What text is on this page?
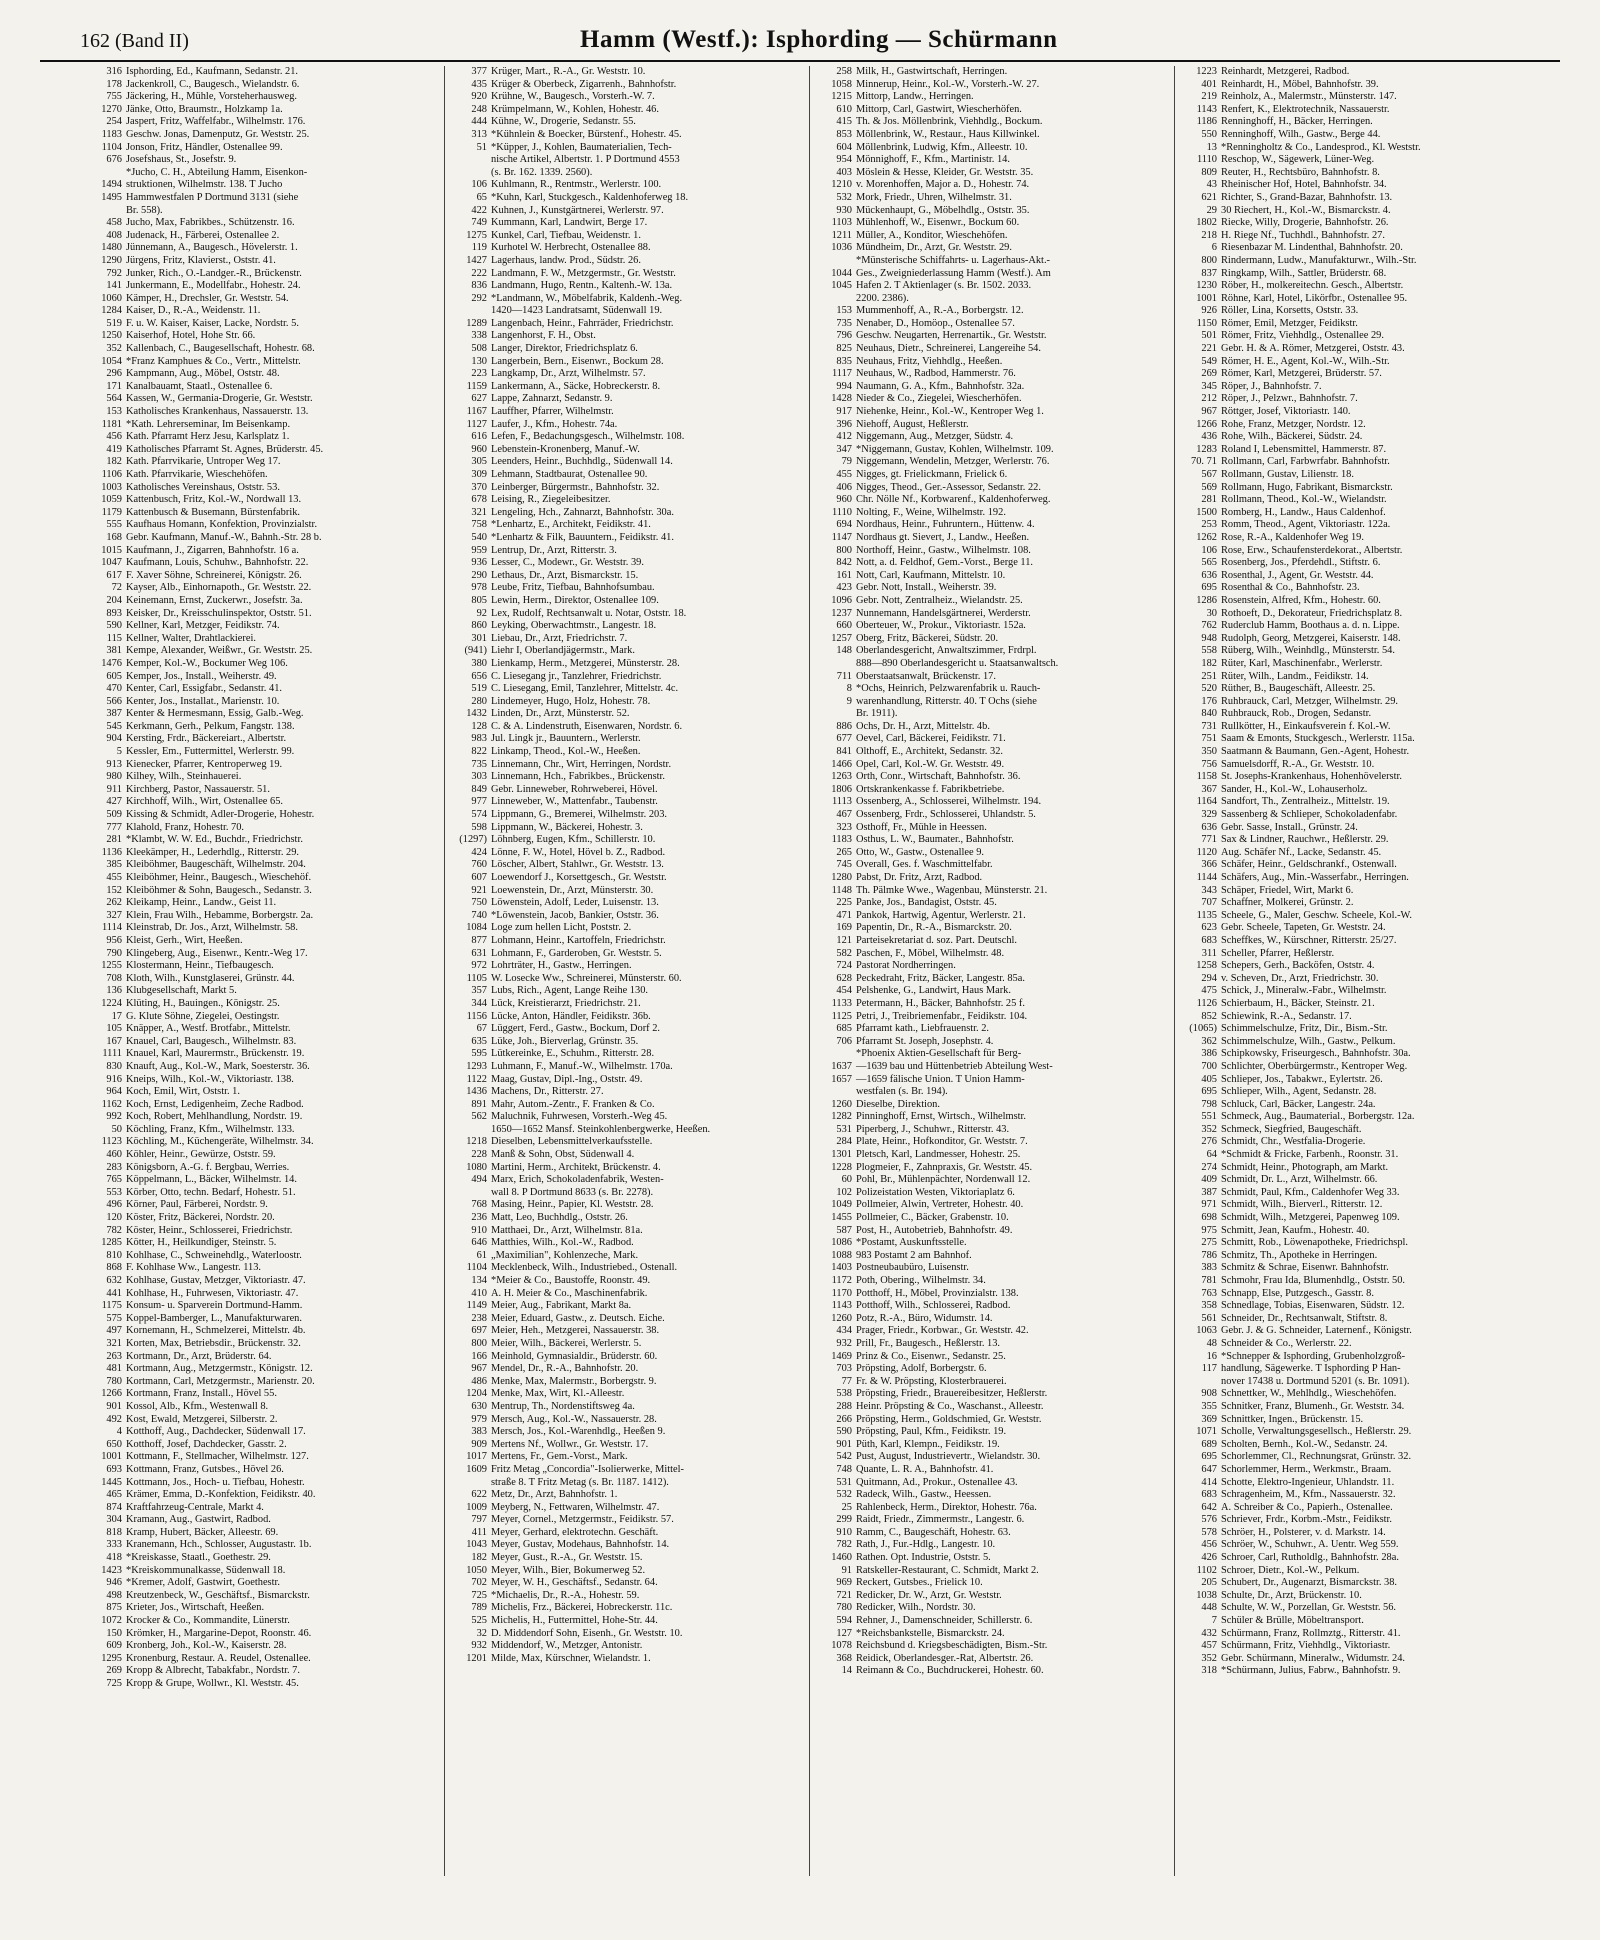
162 (Band II)	Hamm (Westf.): Isphording — Schürmann
316 Isphording, Ed., Kaufmann, Sedanstr. 21.
178 Jackenkroll, C., Baugesch., Wielandstr. 6.
755 Jäckering, H., Mühle, Vorsteherhausweg.
1270 Jänke, Otto, Braumstr., Holzkamp 1a.
254 Jaspert, Fritz, Waffelfabr., Wilhelmstr. 176.
1183 Geschw. Jonas, Damenputz, Gr. Weststr. 25.
1104 Jonson, Fritz, Händler, Ostenallee 99.
676 Josefshaus, St., Josefstr. 9.
*Jucho, C. H., Abteilung Hamm, Eisenkon-
1494 struktionen, Wilhelmstr. 138. T Jucho
1495 Hammwestfalen P Dortmund 3131 (siehe
Br. 558).
458 Jucho, Max, Fabrikbes., Schützenstr. 16.
408 Judenack, H., Färberei, Ostenallee 2.
1480 Jünnemann, A., Baugesch., Hövelerstr. 1.
1290 Jürgens, Fritz, Klavierst., Oststr. 41.
792 Junker, Rich., O.-Landger.-R., Brückenstr.
141 Junkermann, E., Modellfabr., Hohestr. 24.
1060 Kämper, H., Drechsler, Gr. Weststr. 54.
1284 Kaiser, D., R.-A., Weidenstr. 11.
519 F. u. W. Kaiser, Kaiser, Lacke, Nordstr. 5.
1250 Kaiserhof, Hotel, Hohe Str. 66.
352 Kallenbach, C., Baugesellschaft, Hohestr. 68.
1054 *Franz Kamphues & Co., Vertr., Mittelstr.
296 Kampmann, Aug., Möbel, Oststr. 48.
171 Kanalbauamt, Staatl., Ostenallee 6.
564 Kassen, W., Germania-Drogerie, Gr. Weststr.
153 Katholisches Krankenhaus, Nassauerstr. 13.
1181 *Kath. Lehrerseminar, Im Beisenkamp.
456 Kath. Pfarramt Herz Jesu, Karlsplatz 1.
419 Katholisches Pfarramt St. Agnes, Brüderstr. 45.
182 Kath. Pfarrvikarie, Untroper Weg 17.
1106 Kath. Pfarrvikarie, Wieschehöfen.
1003 Katholisches Vereinshaus, Oststr. 53.
1059 Kattenbusch, Fritz, Kol.-W., Nordwall 13.
1179 Kattenbusch & Busemann, Bürstenfabrik.
555 Kaufhaus Homann, Konfektion, Provinzialstr.
168 Gebr. Kaufmann, Manuf.-W., Bahnh.-Str. 28 b.
1015 Kaufmann, J., Zigarren, Bahnhofstr. 16 a.
1047 Kaufmann, Louis, Schuhw., Bahnhofstr. 22.
617 F. Xaver Söhne, Schreinerei, Königstr. 26.
72 Kayser, Alb., Einhornapoth., Gr. Weststr. 22.
204 Keinemann, Ernst, Zuckerwr., Josefstr. 3a.
893 Keisker, Dr., Kreisschulinspektor, Oststr. 51.
590 Kellner, Karl, Metzger, Feidikstr. 74.
115 Kellner, Walter, Drahtlackierei.
381 Kempe, Alexander, Weißwr., Gr. Weststr. 25.
1476 Kemper, Kol.-W., Bockumer Weg 106.
605 Kemper, Jos., Install., Weiherstr. 49.
470 Kenter, Carl, Essigfabr., Sedanstr. 41.
566 Kenter, Jos., Installat., Marienstr. 10.
387 Kenter & Hermesmann, Essig, Galb.-Weg.
545 Kerkmann, Gerh., Pelkum, Fangstr. 138.
904 Kersting, Frdr., Bäckereiart., Albertstr.
5 Kessler, Em., Futtermittel, Werlerstr. 99.
913 Kienecker, Pfarrer, Kentroperweg 19.
980 Kilhey, Wilh., Steinhauerei.
911 Kirchberg, Pastor, Nassauerstr. 51.
427 Kirchhoff, Wilh., Wirt, Ostenallee 65.
509 Kissing & Schmidt, Adler-Drogerie, Hohestr.
777 Klahold, Franz, Hohestr. 70.
281 *Klambt, W. W. Ed., Buchdr., Friedrichstr.
1136 Kleekämper, H., Lederhdlg., Ritterstr. 29.
385 Kleiböhmer, Baugeschäft, Wilhelmstr. 204.
455 Kleiböhmer, Heinr., Baugesch., Wieschehöf.
152 Kleiböhmer & Sohn, Baugesch., Sedanstr. 3.
262 Kleikamp, Heinr., Landw., Geist 11.
327 Klein, Frau Wilh., Hebamme, Borbergstr. 2a.
1114 Kleinstrab, Dr. Jos., Arzt, Wilhelmstr. 58.
956 Kleist, Gerh., Wirt, Heeßen.
790 Klingeberg, Aug., Eisenwr., Kentr.-Weg 17.
1255 Klostermann, Heinr., Tiefbaugesch.
708 Kloth, Wilh., Kunstglaserei, Grünstr. 44.
136 Klubgesellschaft, Markt 5.
1224 Klüting, H., Bauingen., Königstr. 25.
17 G. Klute Söhne, Ziegelei, Oestingstr.
105 Knäpper, A., Westf. Brotfabr., Mittelstr.
167 Knauel, Carl, Baugesch., Wilhelmstr. 83.
1111 Knauel, Karl, Maurermstr., Brückenstr. 19.
830 Knauft, Aug., Kol.-W., Mark, Soesterstr. 36.
916 Kneips, Wilh., Kol.-W., Viktoriastr. 138.
964 Koch, Emil, Wirt, Oststr. 1.
1162 Koch, Ernst, Ledigenheim, Zeche Radbod.
992 Koch, Robert, Mehlhandlung, Nordstr. 19.
50 Köchling, Franz, Kfm., Wilhelmstr. 133.
1123 Köchling, M., Küchengeräte, Wilhelmstr. 34.
460 Köhler, Heinr., Gewürze, Oststr. 59.
283 Königsborn, A.-G. f. Bergbau, Werries.
765 Köppelmann, L., Bäcker, Wilhelmstr. 14.
553 Körber, Otto, techn. Bedarf, Hohestr. 51.
496 Körner, Paul, Färberei, Nordstr. 9.
120 Köster, Fritz, Bäckerei, Nordstr. 20.
782 Köster, Heinr., Schlosserei, Friedrichstr.
1285 Kötter, H., Heilkundiger, Steinstr. 5.
810 Kohlhase, C., Schweinehdlg., Waterloostr.
868 F. Kohlhase Ww., Langestr. 113.
632 Kohlhase, Gustav, Metzger, Viktoriastr. 47.
441 Kohlhase, H., Fuhrwesen, Viktoriastr. 47.
1175 Konsum- u. Sparverein Dortmund-Hamm.
575 Koppel-Bamberger, L., Manufakturwaren.
497 Kornemann, H., Schmelzerei, Mittelstr. 4b.
321 Korten, Max, Betriebsdir., Brückenstr. 32.
263 Kortmann, Dr., Arzt, Brüderstr. 64.
481 Kortmann, Aug., Metzgermstr., Königstr. 12.
780 Kortmann, Carl, Metzgermstr., Marienstr. 20.
1266 Kortmann, Franz, Install., Hövel 55.
901 Kossol, Alb., Kfm., Westenwall 8.
492 Kost, Ewald, Metzgerei, Silberstr. 2.
4 Kotthoff, Aug., Dachdecker, Südenwall 17.
650 Kotthoff, Josef, Dachdecker, Gasstr. 2.
1001 Kottmann, F., Stellmacher, Wilhelmstr. 127.
693 Kottmann, Franz, Gutsbes., Hövel 26.
1445 Kottmann, Jos., Hoch- u. Tiefbau, Hohestr.
465 Krämer, Emma, D.-Konfektion, Feidikstr. 40.
874 Kraftfahrzeug-Centrale, Markt 4.
304 Kramann, Aug., Gastwirt, Radbod.
818 Kramp, Hubert, Bäcker, Alleestr. 69.
333 Kranemann, Hch., Schlosser, Augustastr. 1b.
418 *Kreiskasse, Staatl., Goethestr. 29.
1423 *Kreiskommunalkasse, Südenwall 18.
946 *Kremer, Adolf, Gastwirt, Goethestr.
498 Kreutzenbeck, W., Geschäftsf., Bismarckstr.
875 Krieter, Jos., Wirtschaft, Heeßen.
1072 Krocker & Co., Kommandite, Lünerstr.
150 Krömker, H., Margarine-Depot, Roonstr. 46.
609 Kronberg, Joh., Kol.-W., Kaiserstr. 28.
1295 Kronenburg, Restaur. A. Reudel, Ostenallee.
269 Kropp & Albrecht, Tabakfabr., Nordstr. 7.
725 Kropp & Grupe, Wollwr., Kl. Weststr. 45.
377 Krüger, Mart., R.-A., Gr. Weststr. 10.
435 Krüger & Oberbeck, Zigarrenh., Bahnhofstr.
920 Krühne, W., Baugesch., Vorsterh.-W. 7.
248 Krümpelmann, W., Kohlen, Hohestr. 46.
444 Kühne, W., Drogerie, Sedanstr. 55.
313 *Kühnlein & Boecker, Bürstenf., Hohestr. 45.
51 *Küpper, J., Kohlen, Baumaterialien, Tech-
nische Artikel, Albertstr. 1. P Dortmund 4553
(s. Br. 162. 1339. 2560).
106 Kuhlmann, R., Rentmstr., Werlerstr. 100.
65 *Kuhn, Karl, Stuckgesch., Kaldenhoferweg 18.
422 Kuhnen, J., Kunstgärtnerei, Werlerstr. 97.
749 Kummann, Karl, Landwirt, Berge 17.
1275 Kunkel, Carl, Tiefbau, Weidenstr. 1.
119 Kurhotel W. Herbrecht, Ostenallee 88.
1427 Lagerhaus, landw. Prod., Südstr. 26.
222 Landmann, F. W., Metzgermstr., Gr. Weststr.
836 Landmann, Hugo, Rentn., Kaltenh.-W. 13a.
292 *Landmann, W., Möbelfabrik, Kaldenh.-Weg.
1420—1423 Landratsamt, Südenwall 19.
1289 Langenbach, Heinr., Fahrräder, Friedrichstr.
338 Langenhorst, F. H., Obst.
508 Langer, Direktor, Friedrichsplatz 6.
130 Langerbein, Bern., Eisenwr., Bockum 28.
223 Langkamp, Dr., Arzt, Wilhelmstr. 57.
1159 Lankermann, A., Säcke, Hobreckerstr. 8.
627 Lappe, Zahnarzt, Sedanstr. 9.
1167 Lauffher, Pfarrer, Wilhelmstr.
1127 Laufer, J., Kfm., Hohestr. 74a.
616 Lefen, F., Bedachungsgesch., Wilhelmstr. 108.
960 Lebenstein-Kronenberg, Manuf.-W.
305 Leenders, Heinr., Buchhdlg., Südenwall 14.
309 Lehmann, Stadtbaurat, Ostenallee 90.
370 Leinberger, Bürgermstr., Bahnhofstr. 32.
678 Leising, R., Ziegeleibesitzer.
321 Lengeling, Hch., Zahnarzt, Bahnhofstr. 30a.
758 *Lenhartz, E., Architekt, Feidikstr. 41.
540 *Lenhartz & Filk, Bauuntern., Feidikstr. 41.
959 Lentrup, Dr., Arzt, Ritterstr. 3.
936 Lesser, C., Modewr., Gr. Weststr. 39.
290 Lethaus, Dr., Arzt, Bismarckstr. 15.
978 Leube, Fritz, Tiefbau, Bahnhofsumbau.
805 Lewin, Herm., Direktor, Ostenallee 109.
92 Lex, Rudolf, Rechtsanwalt u. Notar, Oststr. 18.
860 Leyking, Oberwachtmstr., Langestr. 18.
301 Liebau, Dr., Arzt, Friedrichstr. 7.
(941) Liehr I, Oberlandjägermstr., Mark.
380 Lienkamp, Herm., Metzgerei, Münsterstr. 28.
656 C. Liesegang jr., Tanzlehrer, Friedrichstr.
519 C. Liesegang, Emil, Tanzlehrer, Mittelstr. 4c.
280 Lindemeyer, Hugo, Holz, Hohestr. 78.
1432 Linden, Dr., Arzt, Münsterstr. 52.
128 C. & A. Lindenstruth, Eisenwaren, Nordstr. 6.
983 Jul. Lingk jr., Bauuntern., Werlerstr.
822 Linkamp, Theod., Kol.-W., Heeßen.
735 Linnemann, Chr., Wirt, Herringen, Nordstr.
303 Linnemann, Hch., Fabrikbes., Brückenstr.
849 Gebr. Linneweber, Rohrweberei, Hövel.
977 Linneweber, W., Mattenfabr., Taubenstr.
574 Lippmann, G., Bremerei, Wilhelmstr. 203.
598 Lippmann, W., Bäckerei, Hohestr. 3.
(1297) Löhnberg, Eugen, Kfm., Schillerstr. 10.
424 Lönne, F. W., Hotel, Hövel b. Z., Radbod.
760 Löscher, Albert, Stahlwr., Gr. Weststr. 13.
607 Loewendorf J., Korsettgesch., Gr. Weststr.
921 Loewenstein, Dr., Arzt, Münsterstr. 30.
750 Löwenstein, Adolf, Leder, Luisenstr. 13.
740 *Löwenstein, Jacob, Bankier, Oststr. 36.
1084 Loge zum hellen Licht, Poststr. 2.
877 Lohmann, Heinr., Kartoffeln, Friedrichstr.
631 Lohmann, F., Garderoben, Gr. Weststr. 5.
972 Lohrträter, H., Gastw., Herringen.
1105 W. Losecke Ww., Schreinerei, Münsterstr. 60.
357 Lubs, Rich., Agent, Lange Reihe 130.
344 Lück, Kreistierarzt, Friedrichstr. 21.
1156 Lücke, Anton, Händler, Feidikstr. 36b.
67 Lüggert, Ferd., Gastw., Bockum, Dorf 2.
635 Lüke, Joh., Bierverlag, Grünstr. 35.
595 Lütkereinke, E., Schuhm., Ritterstr. 28.
1293 Luhmann, F., Manuf.-W., Wilhelmstr. 170a.
1122 Maag, Gustav, Dipl.-Ing., Oststr. 49.
1436 Machens, Dr., Ritterstr. 27.
891 Mahr, Autom.-Zentr., F. Franken & Co.
562 Maluchnik, Fuhrwesen, Vorsterh.-Weg 45.
1650—1652 Mansf. Steinkohlenbergwerke, Heeßen.
1218 Dieselben, Lebensmittelverkaufsstelle.
228 Manß & Sohn, Obst, Südenwall 4.
1080 Martini, Herm., Architekt, Brückenstr. 4.
494 Marx, Erich, Schokoladenfabrik, Westen-
wall 8. P Dortmund 8633 (s. Br. 2278).
768 Masing, Heinr., Papier, Kl. Weststr. 28.
236 Matt, Leo, Buchhdlg., Oststr. 26.
910 Matthaei, Dr., Arzt, Wilhelmstr. 81a.
646 Matthies, Wilh., Kol.-W., Radbod.
61 „Maximilian", Kohlenzeche, Mark.
1104 Mecklenbeck, Wilh., Industriebed., Ostenall.
134 *Meier & Co., Baustoffe, Roonstr. 49.
410 A. H. Meier & Co., Maschinenfabrik.
1149 Meier, Aug., Fabrikant, Markt 8a.
238 Meier, Eduard, Gastw., z. Deutsch. Eiche.
697 Meier, Heh., Metzgerei, Nassauerstr. 38.
800 Meier, Wilh., Bäckerei, Werlerstr. 5.
166 Meinhold, Gymnasialdir., Brüderstr. 60.
967 Mendel, Dr., R.-A., Bahnhofstr. 20.
486 Menke, Max, Malermstr., Borbergstr. 9.
1204 Menke, Max, Wirt, Kl.-Alleestr.
630 Mentrup, Th., Nordenstiftsweg 4a.
979 Mersch, Aug., Kol.-W., Nassauerstr. 28.
383 Mersch, Jos., Kol.-Warenhdlg., Heeßen 9.
909 Mertens Nf., Wollwr., Gr. Weststr. 17.
1017 Mertens, Fr., Gem.-Vorst., Mark.
1609 Fritz Metag „Concordia"-Isolierwerke, Mittel-
straße 8. T Fritz Metag (s. Br. 1187. 1412).
622 Metz, Dr., Arzt, Bahnhofstr. 1.
1009 Meyberg, N., Fettwaren, Wilhelmstr. 47.
797 Meyer, Cornel., Metzgermstr., Feidikstr. 57.
411 Meyer, Gerhard, elektrotechn. Geschäft.
1043 Meyer, Gustav, Modehaus, Bahnhofstr. 14.
182 Meyer, Gust., R.-A., Gr. Weststr. 15.
1050 Meyer, Wilh., Bier, Bokumerweg 52.
702 Meyer, W. H., Geschäftsf., Sedanstr. 64.
725 *Michaelis, Dr., R.-A., Hohestr. 59.
789 Michelis, Frz., Bäckerei, Hobreckerstr. 11c.
525 Michelis, H., Futtermittel, Hohe-Str. 44.
32 D. Middendorf Sohn, Eisenh., Gr. Weststr. 10.
932 Middendorf, W., Metzger, Antonistr.
1201 Milde, Max, Kürschner, Wielandstr. 1.
258 Milk, H., Gastwirtschaft, Herringen.
1058 Minnerup, Heinr., Kol.-W., Vorsterh.-W. 27.
1215 Mittorp, Landw., Herringen.
610 Mittorp, Carl, Gastwirt, Wiescherhöfen.
415 Th. & Jos. Möllenbrink, Viehhdlg., Bockum.
853 Möllenbrink, W., Restaur., Haus Killwinkel.
604 Möllenbrink, Ludwig, Kfm., Alleestr. 10.
954 Mönnighoff, F., Kfm., Martinistr. 14.
403 Möslein & Hesse, Kleider, Gr. Weststr. 35.
1210 v. Morenhoffen, Major a. D., Hohestr. 74.
532 Mork, Friedr., Uhren, Wilhelmstr. 31.
930 Mückenhaupt, G., Möbelhdlg., Oststr. 35.
1103 Mühlenhoff, W., Eisenwr., Bockum 60.
1211 Müller, A., Konditor, Wieschehöfen.
1036 Mündheim, Dr., Arzt, Gr. Weststr. 29.
*Münsterische Schiffahrts- u. Lagerhaus-Akt.-
1044 Ges., Zweigniederlassung Hamm (Westf.). Am
1045 Hafen 2. T Aktienlager (s. Br. 1502. 2033.
2200. 2386).
153 Mummenhoff, A., R.-A., Borbergstr. 12.
735 Nenaber, D., Homöop., Ostenallee 57.
796 Geschw. Neugarten, Herrenartik., Gr. Weststr.
825 Neuhaus, Dietr., Schreinerei, Langereihe 54.
835 Neuhaus, Fritz, Viehhdlg., Heeßen.
1117 Neuhaus, W., Radbod, Hammerstr. 76.
994 Naumann, G. A., Kfm., Bahnhofstr. 32a.
1428 Nieder & Co., Ziegelei, Wiescherhöfen.
917 Niehenke, Heinr., Kol.-W., Kentroper Weg 1.
396 Niehoff, August, Heßlerstr.
412 Niggemann, Aug., Metzger, Südstr. 4.
347 *Niggemann, Gustav, Kohlen, Wilhelmstr. 109.
79 Niggemann, Wendelin, Metzger, Werlerstr. 76.
455 Nigges, gt. Frielickmann, Frielick 6.
406 Nigges, Theod., Ger.-Assessor, Sedanstr. 22.
960 Chr. Nölle Nf., Korbwarenf., Kaldenhoferweg.
1110 Nolting, F., Weine, Wilhelmstr. 192.
694 Nordhaus, Heinr., Fuhruntern., Hüttenw. 4.
1147 Nordhaus gt. Sievert, J., Landw., Heeßen.
800 Northoff, Heinr., Gastw., Wilhelmstr. 108.
842 Nott, a. d. Feldhof, Gem.-Vorst., Berge 11.
161 Nott, Carl, Kaufmann, Mittelstr. 10.
423 Gebr. Nott, Install., Weiherstr. 39.
1096 Gebr. Nott, Zentralheiz., Wielandstr. 25.
1237 Nunnemann, Handelsgärtnerei, Werderstr.
660 Oberteuer, W., Prokur., Viktoriastr. 152a.
1257 Oberg, Fritz, Bäckerei, Südstr. 20.
148 Oberlandesgericht, Anwaltszimmer, Frdrpl.
888—890 Oberlandesgericht u. Staatsanwaltsch.
711 Oberstaatsanwalt, Brückenstr. 17.
8 *Ochs, Heinrich, Pelzwarenfabrik u. Rauch-
9 warenhandlung, Ritterstr. 40. T Ochs (siehe
Br. 1911).
886 Ochs, Dr. H., Arzt, Mittelstr. 4b.
677 Oevel, Carl, Bäckerei, Feidikstr. 71.
841 Olthoff, E., Architekt, Sedanstr. 32.
1466 Opel, Carl, Kol.-W. Gr. Weststr. 49.
1263 Orth, Conr., Wirtschaft, Bahnhofstr. 36.
1806 Ortskrankenkasse f. Fabrikbetriebe.
1113 Ossenberg, A., Schlosserei, Wilhelmstr. 194.
467 Ossenberg, Frdr., Schlosserei, Uhlandstr. 5.
323 Osthoff, Fr., Mühle in Heessen.
1183 Osthus, L. W., Baumater., Bahnhofstr.
265 Otto, W., Gastw., Ostenallee 9.
745 Overall, Ges. f. Waschmittelfabr.
1280 Pabst, Dr. Fritz, Arzt, Radbod.
1148 Th. Pälmke Wwe., Wagenbau, Münsterstr. 21.
225 Panke, Jos., Bandagist, Oststr. 45.
471 Pankok, Hartwig, Agentur, Werlerstr. 21.
169 Papentin, Dr., R.-A., Bismarckstr. 20.
121 Parteisekretariat d. soz. Part. Deutschl.
582 Paschen, F., Möbel, Wilhelmstr. 48.
724 Pastorat Nordherringen.
628 Peckedraht, Fritz, Bäcker, Langestr. 85a.
454 Pelshenke, G., Landwirt, Haus Mark.
1133 Petermann, H., Bäcker, Bahnhofstr. 25 f.
1125 Petri, J., Treibriemenfabr., Feidikstr. 104.
685 Pfarramt kath., Liebfrauenstr. 2.
706 Pfarramt St. Joseph, Josephstr. 4.
*Phoenix Aktien-Gesellschaft für Berg-
1637 —1639 bau und Hüttenbetrieb Abteilung West-
1657 —1659 fälische Union. T Union Hamm-
westfalen (s. Br. 194).
1260 Dieselbe, Direktion.
1282 Pinninghoff, Ernst, Wirtsch., Wilhelmstr.
531 Piperberg, J., Schuhwr., Ritterstr. 43.
284 Plate, Heinr., Hofkonditor, Gr. Weststr. 7.
1301 Pletsch, Karl, Landmesser, Hohestr. 25.
1228 Plogmeier, F., Zahnpraxis, Gr. Weststr. 45.
60 Pohl, Br., Mühlenpächter, Nordenwall 12.
102 Polizeistation Westen, Viktoriaplatz 6.
1049 Pollmeier, Alwin, Vertreter, Hohestr. 40.
1455 Pollmeier, C., Bäcker, Grabenstr. 10.
587 Post, H., Autobetrieb, Bahnhofstr. 49.
1086 *Postamt, Auskunftsstelle.
1088 983 Postamt 2 am Bahnhof.
1403 Postneubaubüro, Luisenstr.
1172 Poth, Obering., Wilhelmstr. 34.
1170 Potthoff, H., Möbel, Provinzialstr. 138.
1143 Potthoff, Wilh., Schlosserei, Radbod.
1260 Potz, R.-A., Büro, Widumstr. 14.
434 Prager, Friedr., Korbwar., Gr. Weststr. 42.
932 Prill, Fr., Baugesch., Heßlerstr. 13.
1469 Prinz & Co., Eisenwr., Sedanstr. 25.
703 Pröpsting, Adolf, Borbergstr. 6.
77 Fr. & W. Pröpsting, Klosterbrauerei.
538 Pröpsting, Friedr., Brauereibesitzer, Heßlerstr.
288 Heinr. Pröpsting & Co., Waschanst., Alleestr.
266 Pröpsting, Herm., Goldschmied, Gr. Weststr.
590 Pröpsting, Paul, Kfm., Feidikstr. 19.
901 Püth, Karl, Klempn., Feidikstr. 19.
542 Pust, August, Industrievertr., Wielandstr. 30.
748 Quante, L. R. A., Bahnhofstr. 41.
531 Quitmann, Ad., Prokur., Ostenallee 43.
532 Radeck, Wilh., Gastw., Heessen.
25 Rahlenbeck, Herm., Direktor, Hohestr. 76a.
299 Raidt, Friedr., Zimmermstr., Langestr. 6.
910 Ramm, C., Baugeschäft, Hohestr. 63.
782 Rath, J., Fur.-Hdlg., Langestr. 10.
1460 Rathen. Opt. Industrie, Oststr. 5.
91 Ratskeller-Restaurant, C. Schmidt, Markt 2.
969 Reckert, Gutsbes., Frielick 10.
721 Redicker, Dr. W., Arzt, Gr. Weststr.
780 Redicker, Wilh., Nordstr. 30.
594 Rehner, J., Damenschneider, Schillerstr. 6.
127 *Reichsbankstelle, Bismarckstr. 24.
1078 Reichsbund d. Kriegsbeschädigten, Bism.-Str.
368 Reidick, Oberlandesger.-Rat, Albertstr. 26.
14 Reimann & Co., Buchdruckerei, Hohestr. 60.
1223 Reinhardt, Metzgerei, Radbod.
401 Reinhardt, H., Möbel, Bahnhofstr. 39.
219 Reinholz, A., Malermstr., Münsterstr. 147.
1143 Renfert, K., Elektrotechnik, Nassauerstr.
1186 Renninghoff, H., Bäcker, Herringen.
550 Renninghoff, Wilh., Gastw., Berge 44.
13 *Renningholtz & Co., Landesprod., Kl. Weststr.
1110 Reschop, W., Sägewerk, Lüner-Weg.
809 Reuter, H., Rechtsbüro, Bahnhofstr. 8.
43 Rheinischer Hof, Hotel, Bahnhofstr. 34.
621 Richter, S., Grand-Bazar, Bahnhofstr. 13.
29 30 Riechert, H., Kol.-W., Bismarckstr. 4.
1802 Riecke, Willy, Drogerie, Bahnhofstr. 26.
218 H. Riege Nf., Tuchhdl., Bahnhofstr. 27.
6 Riesenbazar M. Lindenthal, Bahnhofstr. 20.
800 Rindermann, Ludw., Manufakturwr., Wilh.-Str.
837 Ringkamp, Wilh., Sattler, Brüderstr. 68.
1230 Röber, H., molkereitechn. Gesch., Albertstr.
1001 Röhne, Karl, Hotel, Likörfbr., Ostenallee 95.
926 Röller, Lina, Korsetts, Oststr. 33.
1150 Römer, Emil, Metzger, Feidikstr.
501 Römer, Fritz, Viehhdlg., Ostenallee 29.
221 Gebr. H. & A. Römer, Metzgerei, Oststr. 43.
549 Römer, H. E., Agent, Kol.-W., Wilh.-Str.
269 Römer, Karl, Metzgerei, Brüderstr. 57.
345 Röper, J., Bahnhofstr. 7.
212 Röper, J., Pelzwr., Bahnhofstr. 7.
967 Röttger, Josef, Viktoriastr. 140.
1266 Rohe, Franz, Metzger, Nordstr. 12.
436 Rohe, Wilh., Bäckerei, Südstr. 24.
1283 Roland I, Lebensmittel, Hammerstr. 87.
70. 71 Rollmann, Carl, Farbwrfabr. Bahnhofstr.
567 Rollmann, Gustav, Lilienstr. 18.
569 Rollmann, Hugo, Fabrikant, Bismarckstr.
281 Rollmann, Theod., Kol.-W., Wielandstr.
1500 Romberg, H., Landw., Haus Caldenhof.
253 Romm, Theod., Agent, Viktoriastr. 122a.
1262 Rose, R.-A., Kaldenhofer Weg 19.
106 Rose, Erw., Schaufensterdekorat., Albertstr.
565 Rosenberg, Jos., Pferdehdl., Stiftstr. 6.
636 Rosenthal, J., Agent, Gr. Weststr. 44.
695 Rosenthal & Co., Bahnhofstr. 23.
1286 Rosenstein, Alfred, Kfm., Hohestr. 60.
30 Rothoeft, D., Dekorateur, Friedrichsplatz 8.
762 Ruderclub Hamm, Boothaus a. d. n. Lippe.
948 Rudolph, Georg, Metzgerei, Kaiserstr. 148.
558 Rüberg, Wilh., Weinhdlg., Münsterstr. 54.
182 Rüter, Karl, Maschinenfabr., Werlerstr.
251 Rüter, Wilh., Landm., Feidikstr. 14.
520 Rüther, B., Baugeschäft, Alleestr. 25.
176 Ruhbrauck, Carl, Metzger, Wilhelmstr. 29.
840 Ruhbrauck, Rob., Drogen, Sedanstr.
731 Rullkötter, H., Einkaufsverein f. Kol.-W.
751 Saam & Emonts, Stuckgesch., Werlerstr. 115a.
350 Saatmann & Baumann, Gen.-Agent, Hohestr.
756 Samuelsdorff, R.-A., Gr. Weststr. 10.
1158 St. Josephs-Krankenhaus, Hohenhövelerstr.
367 Sander, H., Kol.-W., Lohauserholz.
1164 Sandfort, Th., Zentralheiz., Mittelstr. 19.
329 Sassenberg & Schlieper, Schokoladenfabr.
636 Gebr. Sasse, Install., Grünstr. 24.
771 Sax & Lindner, Rauchwr., Heßlerstr. 29.
1120 Aug. Schäfer Nf., Lacke, Sedanstr. 45.
366 Schäfer, Heinr., Geldschrankf., Ostenwall.
1144 Schäfers, Aug., Min.-Wasserfabr., Herringen.
343 Schäper, Friedel, Wirt, Markt 6.
707 Schaffner, Molkerei, Grünstr. 2.
1135 Scheele, G., Maler, Geschw. Scheele, Kol.-W.
623 Gebr. Scheele, Tapeten, Gr. Weststr. 24.
683 Scheffkes, W., Kürschner, Ritterstr. 25/27.
311 Scheller, Pfarrer, Heßlerstr.
1258 Schepers, Gerh., Backöfen, Oststr. 4.
294 v. Scheven, Dr., Arzt, Friedrichstr. 30.
475 Schick, J., Mineralw.-Fabr., Wilhelmstr.
1126 Schierbaum, H., Bäcker, Steinstr. 21.
852 Schiewink, R.-A., Sedanstr. 17.
(1065) Schimmelschulze, Fritz, Dir., Bism.-Str.
362 Schimmelschulze, Wilh., Gastw., Pelkum.
386 Schipkowsky, Friseurgesch., Bahnhofstr. 30a.
700 Schlichter, Oberbürgermstr., Kentroper Weg.
405 Schlieper, Jos., Tabakwr., Eylertstr. 26.
695 Schlieper, Wilh., Agent, Sedanstr. 28.
798 Schluck, Carl, Bäcker, Langestr. 24a.
551 Schmeck, Aug., Baumaterial., Borbergstr. 12a.
352 Schmeck, Siegfried, Baugeschäft.
276 Schmidt, Chr., Westfalia-Drogerie.
64 *Schmidt & Fricke, Farbenh., Roonstr. 31.
274 Schmidt, Heinr., Photograph, am Markt.
409 Schmidt, Dr. L., Arzt, Wilhelmstr. 66.
387 Schmidt, Paul, Kfm., Caldenhofer Weg 33.
971 Schmidt, Wilh., Bierverl., Ritterstr. 12.
698 Schmidt, Wilh., Metzgerei, Papenweg 109.
975 Schmitt, Jean, Kaufm., Hohestr. 40.
275 Schmitt, Rob., Löwenapotheke, Friedrichspl.
786 Schmitz, Th., Apotheke in Herringen.
383 Schmitz & Schrae, Eisenwr. Bahnhofstr.
781 Schmohr, Frau Ida, Blumenhdlg., Oststr. 50.
763 Schnapp, Else, Putzgesch., Gasstr. 8.
358 Schnedlage, Tobias, Eisenwaren, Südstr. 12.
561 Schneider, Dr., Rechtsanwalt, Stiftstr. 8.
1063 Gebr. J. & G. Schneider, Laternenf., Königstr.
48 Schneider & Co., Werlerstr. 22.
16 *Schnepper & Isphording, Grubenholzgroß-
117 handlung, Sägewerke. T Isphording P Han-
nover 17438 u. Dortmund 5201 (s. Br. 1091).
908 Schnettker, W., Mehlhdlg., Wieschehöfen.
355 Schnitker, Franz, Blumenh., Gr. Weststr. 34.
369 Schnittker, Ingen., Brückenstr. 15.
1071 Scholle, Verwaltungsgesellsch., Heßlerstr. 29.
689 Scholten, Bernh., Kol.-W., Sedanstr. 24.
695 Schorlemmer, Cl., Rechnungsrat, Grünstr. 32.
647 Schorlemmer, Herm., Werkmstr., Braam.
414 Schotte, Elektro-Ingenieur, Uhlandstr. 11.
683 Schragenheim, M., Kfm., Nassauerstr. 32.
642 A. Schreiber & Co., Papierh., Ostenallee.
576 Schriever, Frdr., Korbm.-Mstr., Feidikstr.
578 Schröer, H., Polsterer, v. d. Markstr. 14.
456 Schröer, W., Schuhwr., A. Uentr. Weg 559.
426 Schroer, Carl, Rutholdlg., Bahnhofstr. 28a.
1102 Schroer, Dietr., Kol.-W., Pelkum.
205 Schubert, Dr., Augenarzt, Bismarckstr. 38.
1038 Schulte, Dr., Arzt, Brückenstr. 10.
448 Schulte, W. W., Porzellan, Gr. Weststr. 56.
7 Schüler & Brülle, Möbeltransport.
432 Schürmann, Franz, Rollmztg., Ritterstr. 41.
457 Schürmann, Fritz, Viehhdlg., Viktoriastr.
352 Gebr. Schürmann, Mineralw., Widumstr. 24.
318 *Schürmann, Julius, Fabrw., Bahnhofstr. 9.
